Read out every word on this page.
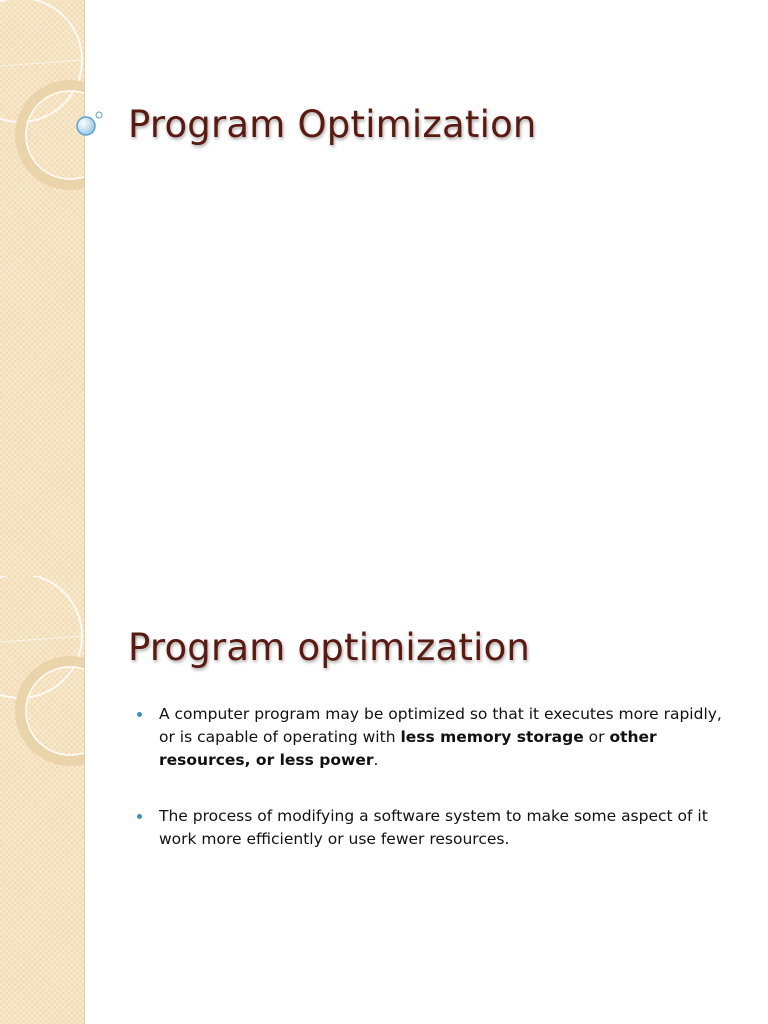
Program Optimization
Program optimization
A computer program may be optimized so that it executes more rapidly, or is capable of operating with less memory storage or other resources, or less power.
The process of modifying a software system to make some aspect of it work more efficiently or use fewer resources.
